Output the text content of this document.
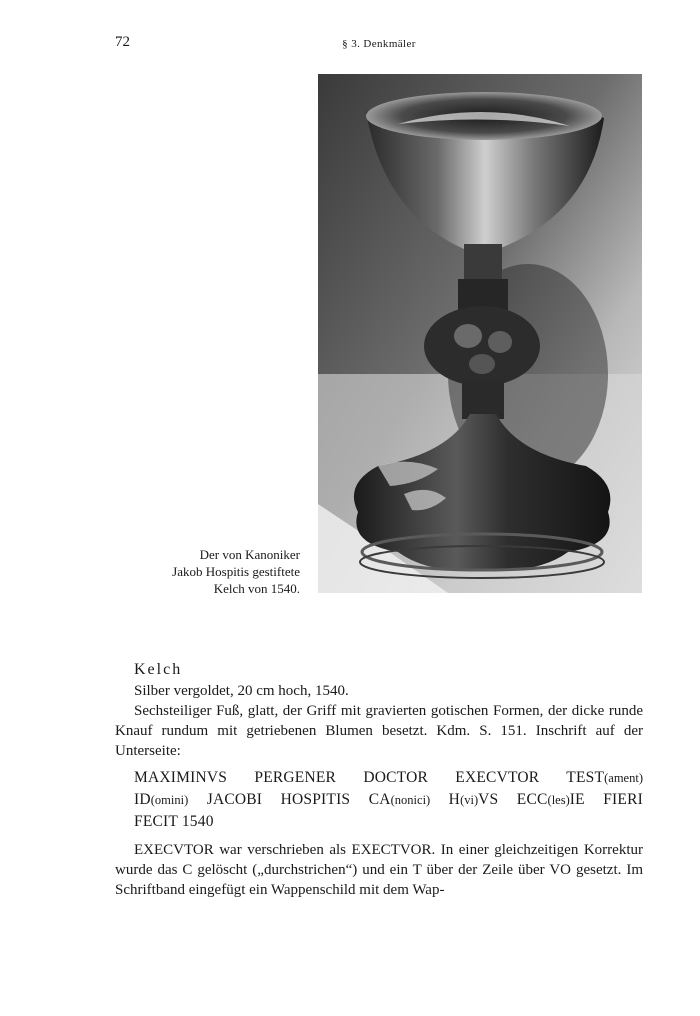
72	§ 3. Denkmäler
Der von Kanoniker
Jakob Hospitis gestiftete
Kelch von 1540.
Kelch

Silber vergoldet, 20 cm hoch, 1540.

Sechsteiliger Fuß, glatt, der Griff mit gravierten gotischen Formen, der dicke runde Knauf rundum mit getriebenen Blumen besetzt. Kdm. S. 151. Inschrift auf der Unterseite:

MAXIMINVS PERGENER DOCTOR EXECVTOR TEST(ament)
ID(omini) JACOBI HOSPITIS CA(nonici) H(vi)VS ECC(les)IE FIERI
FECIT 1540

EXECVTOR war verschrieben als EXECTVOR. In einer gleichzeitigen Korrektur wurde das C gelöscht („durchstrichen“) und ein T über der Zeile über VO gesetzt. Im Schriftband eingefügt ein Wappenschild mit dem Wap-
